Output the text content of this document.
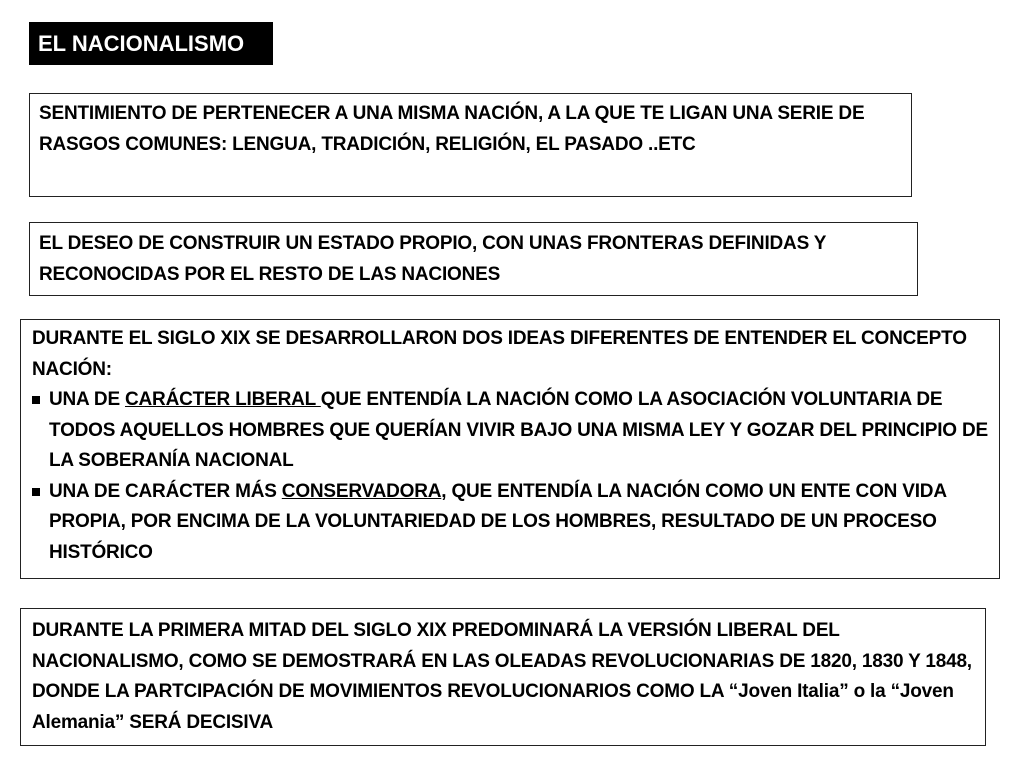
EL NACIONALISMO

SENTIMIENTO DE PERTENECER A UNA MISMA NACIÓN, A LA QUE TE LIGAN UNA SERIE DE RASGOS COMUNES: LENGUA, TRADICIÓN, RELIGIÓN, EL PASADO ..ETC

EL DESEO DE CONSTRUIR UN ESTADO PROPIO, CON UNAS FRONTERAS DEFINIDAS Y RECONOCIDAS POR EL RESTO DE LAS NACIONES

DURANTE EL SIGLO XIX SE DESARROLLARON DOS IDEAS DIFERENTES DE ENTENDER EL CONCEPTO NACIÓN:

UNA DE CARÁCTER LIBERAL QUE ENTENDÍA LA NACIÓN COMO LA ASOCIACIÓN VOLUNTARIA DE TODOS AQUELLOS HOMBRES QUE QUERÍAN VIVIR BAJO UNA MISMA LEY Y GOZAR DEL PRINCIPIO DE LA SOBERANÍA NACIONAL
UNA DE CARÁCTER MÁS CONSERVADORA, QUE ENTENDÍA LA NACIÓN COMO UN ENTE CON VIDA PROPIA, POR ENCIMA DE LA VOLUNTARIEDAD DE LOS HOMBRES, RESULTADO DE UN PROCESO HISTÓRICO

DURANTE LA PRIMERA MITAD DEL SIGLO XIX PREDOMINARÁ LA VERSIÓN LIBERAL DEL NACIONALISMO, COMO SE DEMOSTRARÁ EN LAS OLEADAS REVOLUCIONARIAS DE 1820, 1830 Y 1848, DONDE LA PARTCIPACIÓN DE MOVIMIENTOS REVOLUCIONARIOS COMO LA “Joven Italia” o la “Joven Alemania” SERÁ DECISIVA
